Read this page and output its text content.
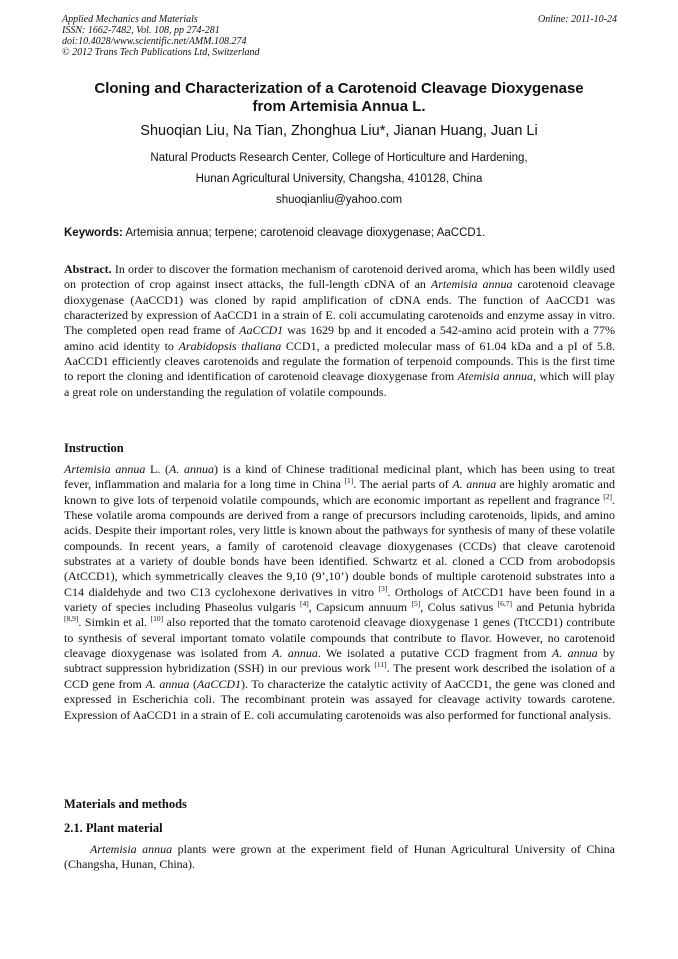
Applied Mechanics and Materials
ISSN: 1662-7482, Vol. 108, pp 274-281
doi:10.4028/www.scientific.net/AMM.108.274
© 2012 Trans Tech Publications Ltd, Switzerland
Online: 2011-10-24
Cloning and Characterization of a Carotenoid Cleavage Dioxygenase
from Artemisia Annua L.
Shuoqian Liu, Na Tian, Zhonghua Liu*, Jianan Huang, Juan Li
Natural Products Research Center, College of Horticulture and Hardening,
Hunan Agricultural University, Changsha, 410128, China
shuoqianliu@yahoo.com
Keywords: Artemisia annua; terpene; carotenoid cleavage dioxygenase; AaCCD1.
Abstract. In order to discover the formation mechanism of carotenoid derived aroma, which has been wildly used on protection of crop against insect attacks, the full-length cDNA of an Artemisia annua carotenoid cleavage dioxygenase (AaCCD1) was cloned by rapid amplification of cDNA ends. The function of AaCCD1 was characterized by expression of AaCCD1 in a strain of E. coli accumulating carotenoids and enzyme assay in vitro. The completed open read frame of AaCCD1 was 1629 bp and it encoded a 542-amino acid protein with a 77% amino acid identity to Arabidopsis thaliana CCD1, a predicted molecular mass of 61.04 kDa and a pI of 5.8. AaCCD1 efficiently cleaves carotenoids and regulate the formation of terpenoid compounds. This is the first time to report the cloning and identification of carotenoid cleavage dioxygenase from Atemisia annua, which will play a great role on understanding the regulation of volatile compounds.
Instruction
Artemisia annua L. (A. annua) is a kind of Chinese traditional medicinal plant, which has been using to treat fever, inflammation and malaria for a long time in China [1]. The aerial parts of A. annua are highly aromatic and known to give lots of terpenoid volatile compounds, which are economic important as repellent and fragrance [2]. These volatile aroma compounds are derived from a range of precursors including carotenoids, lipids, and amino acids. Despite their important roles, very little is known about the pathways for synthesis of many of these volatile compounds. In recent years, a family of carotenoid cleavage dioxygenases (CCDs) that cleave carotenoid substrates at a variety of double bonds have been identified. Schwartz et al. cloned a CCD from arobodopsis (AtCCD1), which symmetrically cleaves the 9,10 (9’,10’) double bonds of multiple carotenoid substrates into a C14 dialdehyde and two C13 cyclohexone derivatives in vitro [3]. Orthologs of AtCCD1 have been found in a variety of species including Phaseolus vulgaris [4], Capsicum annuum [5], Colus sativus [6,7] and Petunia hybrida [8,9]. Simkin et al. [10] also reported that the tomato carotenoid cleavage dioxygenase 1 genes (TtCCD1) contribute to synthesis of several important tomato volatile compounds that contribute to flavor. However, no carotenoid cleavage dioxygenase was isolated from A. annua. We isolated a putative CCD fragment from A. annua by subtract suppression hybridization (SSH) in our previous work [11]. The present work described the isolation of a CCD gene from A. annua (AaCCD1). To characterize the catalytic activity of AaCCD1, the gene was cloned and expressed in Escherichia coli. The recombinant protein was assayed for cleavage activity towards carotene. Expression of AaCCD1 in a strain of E. coli accumulating carotenoids was also performed for functional analysis.
Materials and methods
2.1. Plant material
Artemisia annua plants were grown at the experiment field of Hunan Agricultural University of China (Changsha, Hunan, China).
